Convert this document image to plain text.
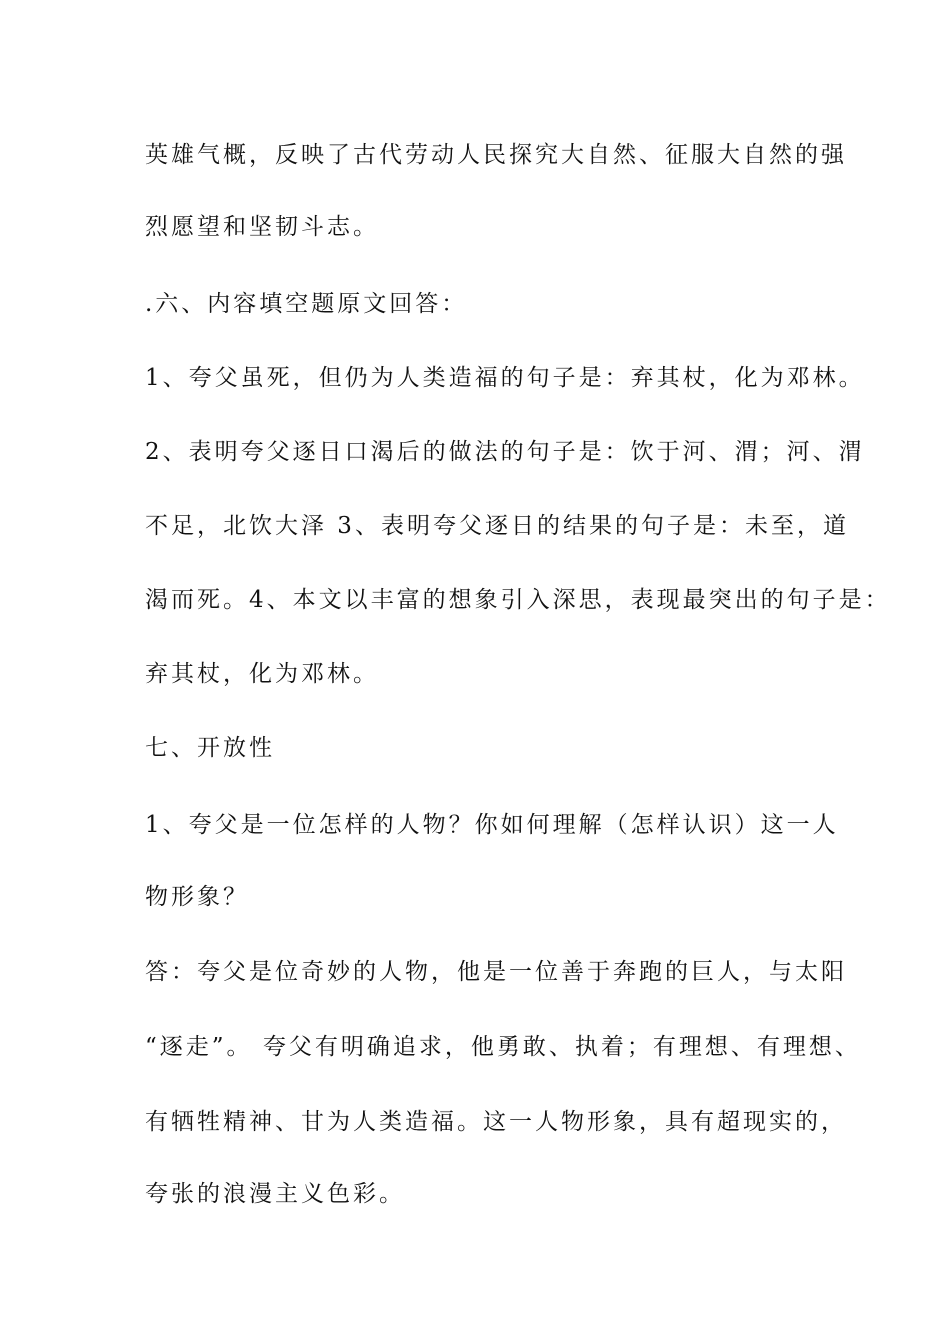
英雄气概，反映了古代劳动人民探究大自然、征服大自然的强
烈愿望和坚韧斗志。
.六、内容填空题原文回答：
1、夸父虽死，但仍为人类造福的句子是：弃其杖，化为邓林。
2、表明夸父逐日口渴后的做法的句子是：饮于河、渭；河、渭
不足，北饮大泽 3、表明夸父逐日的结果的句子是：未至，道
渴而死。4、本文以丰富的想象引入深思，表现最突出的句子是：
弃其杖，化为邓林。
七、开放性
1、夸父是一位怎样的人物？你如何理解（怎样认识）这一人
物形象？
答：夸父是位奇妙的人物，他是一位善于奔跑的巨人，与太阳
“逐走”。 夸父有明确追求，他勇敢、执着；有理想、有理想、
有牺牲精神、甘为人类造福。这一人物形象，具有超现实的，
夸张的浪漫主义色彩。
